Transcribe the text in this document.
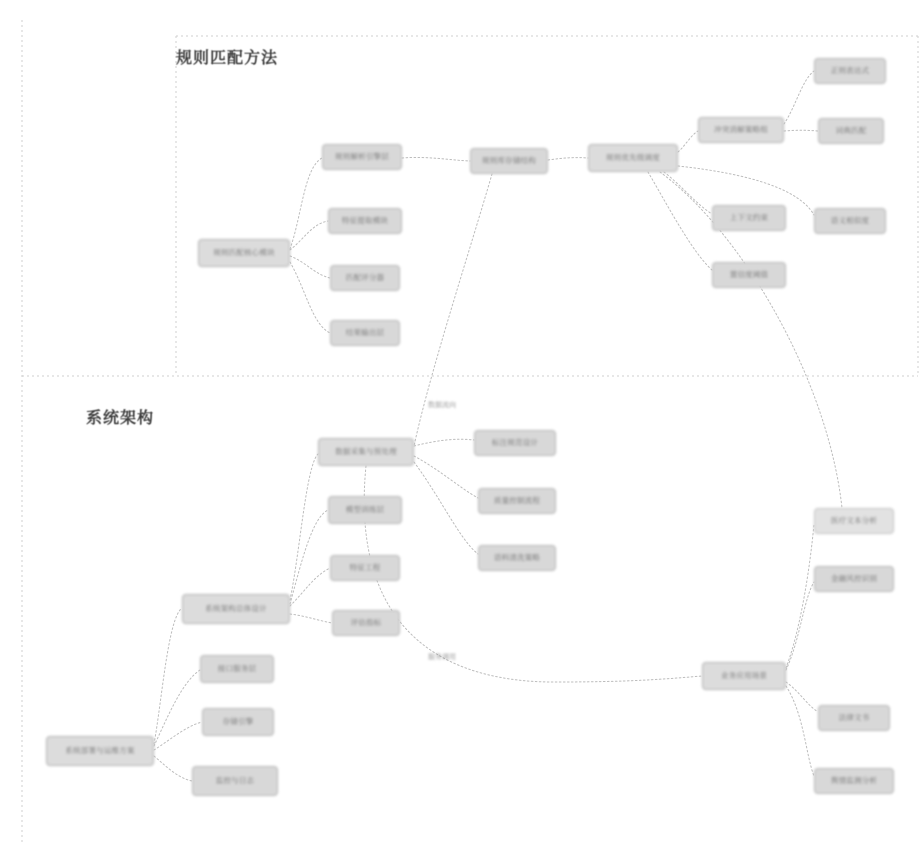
规则匹配方法
系统架构
数据流向
服务调用
规则匹配核心模块
规则解析引擎层
特征提取模块
匹配评分器
结果输出层
规则库存储结构	规则优先级调度
冲突消解策略组
正则表达式
词典匹配
语义相似度
上下文约束
置信度阈值
数据采集与预处理
标注规范设计
质量控制流程
语料清洗策略
模型训练层
特征工程
评估指标
系统架构总体设计
接口服务层
存储引擎
监控与日志
系统部署与运维方案
业务应用场景
医疗文本分析
金融风控识别
法律文书
舆情监测分析
